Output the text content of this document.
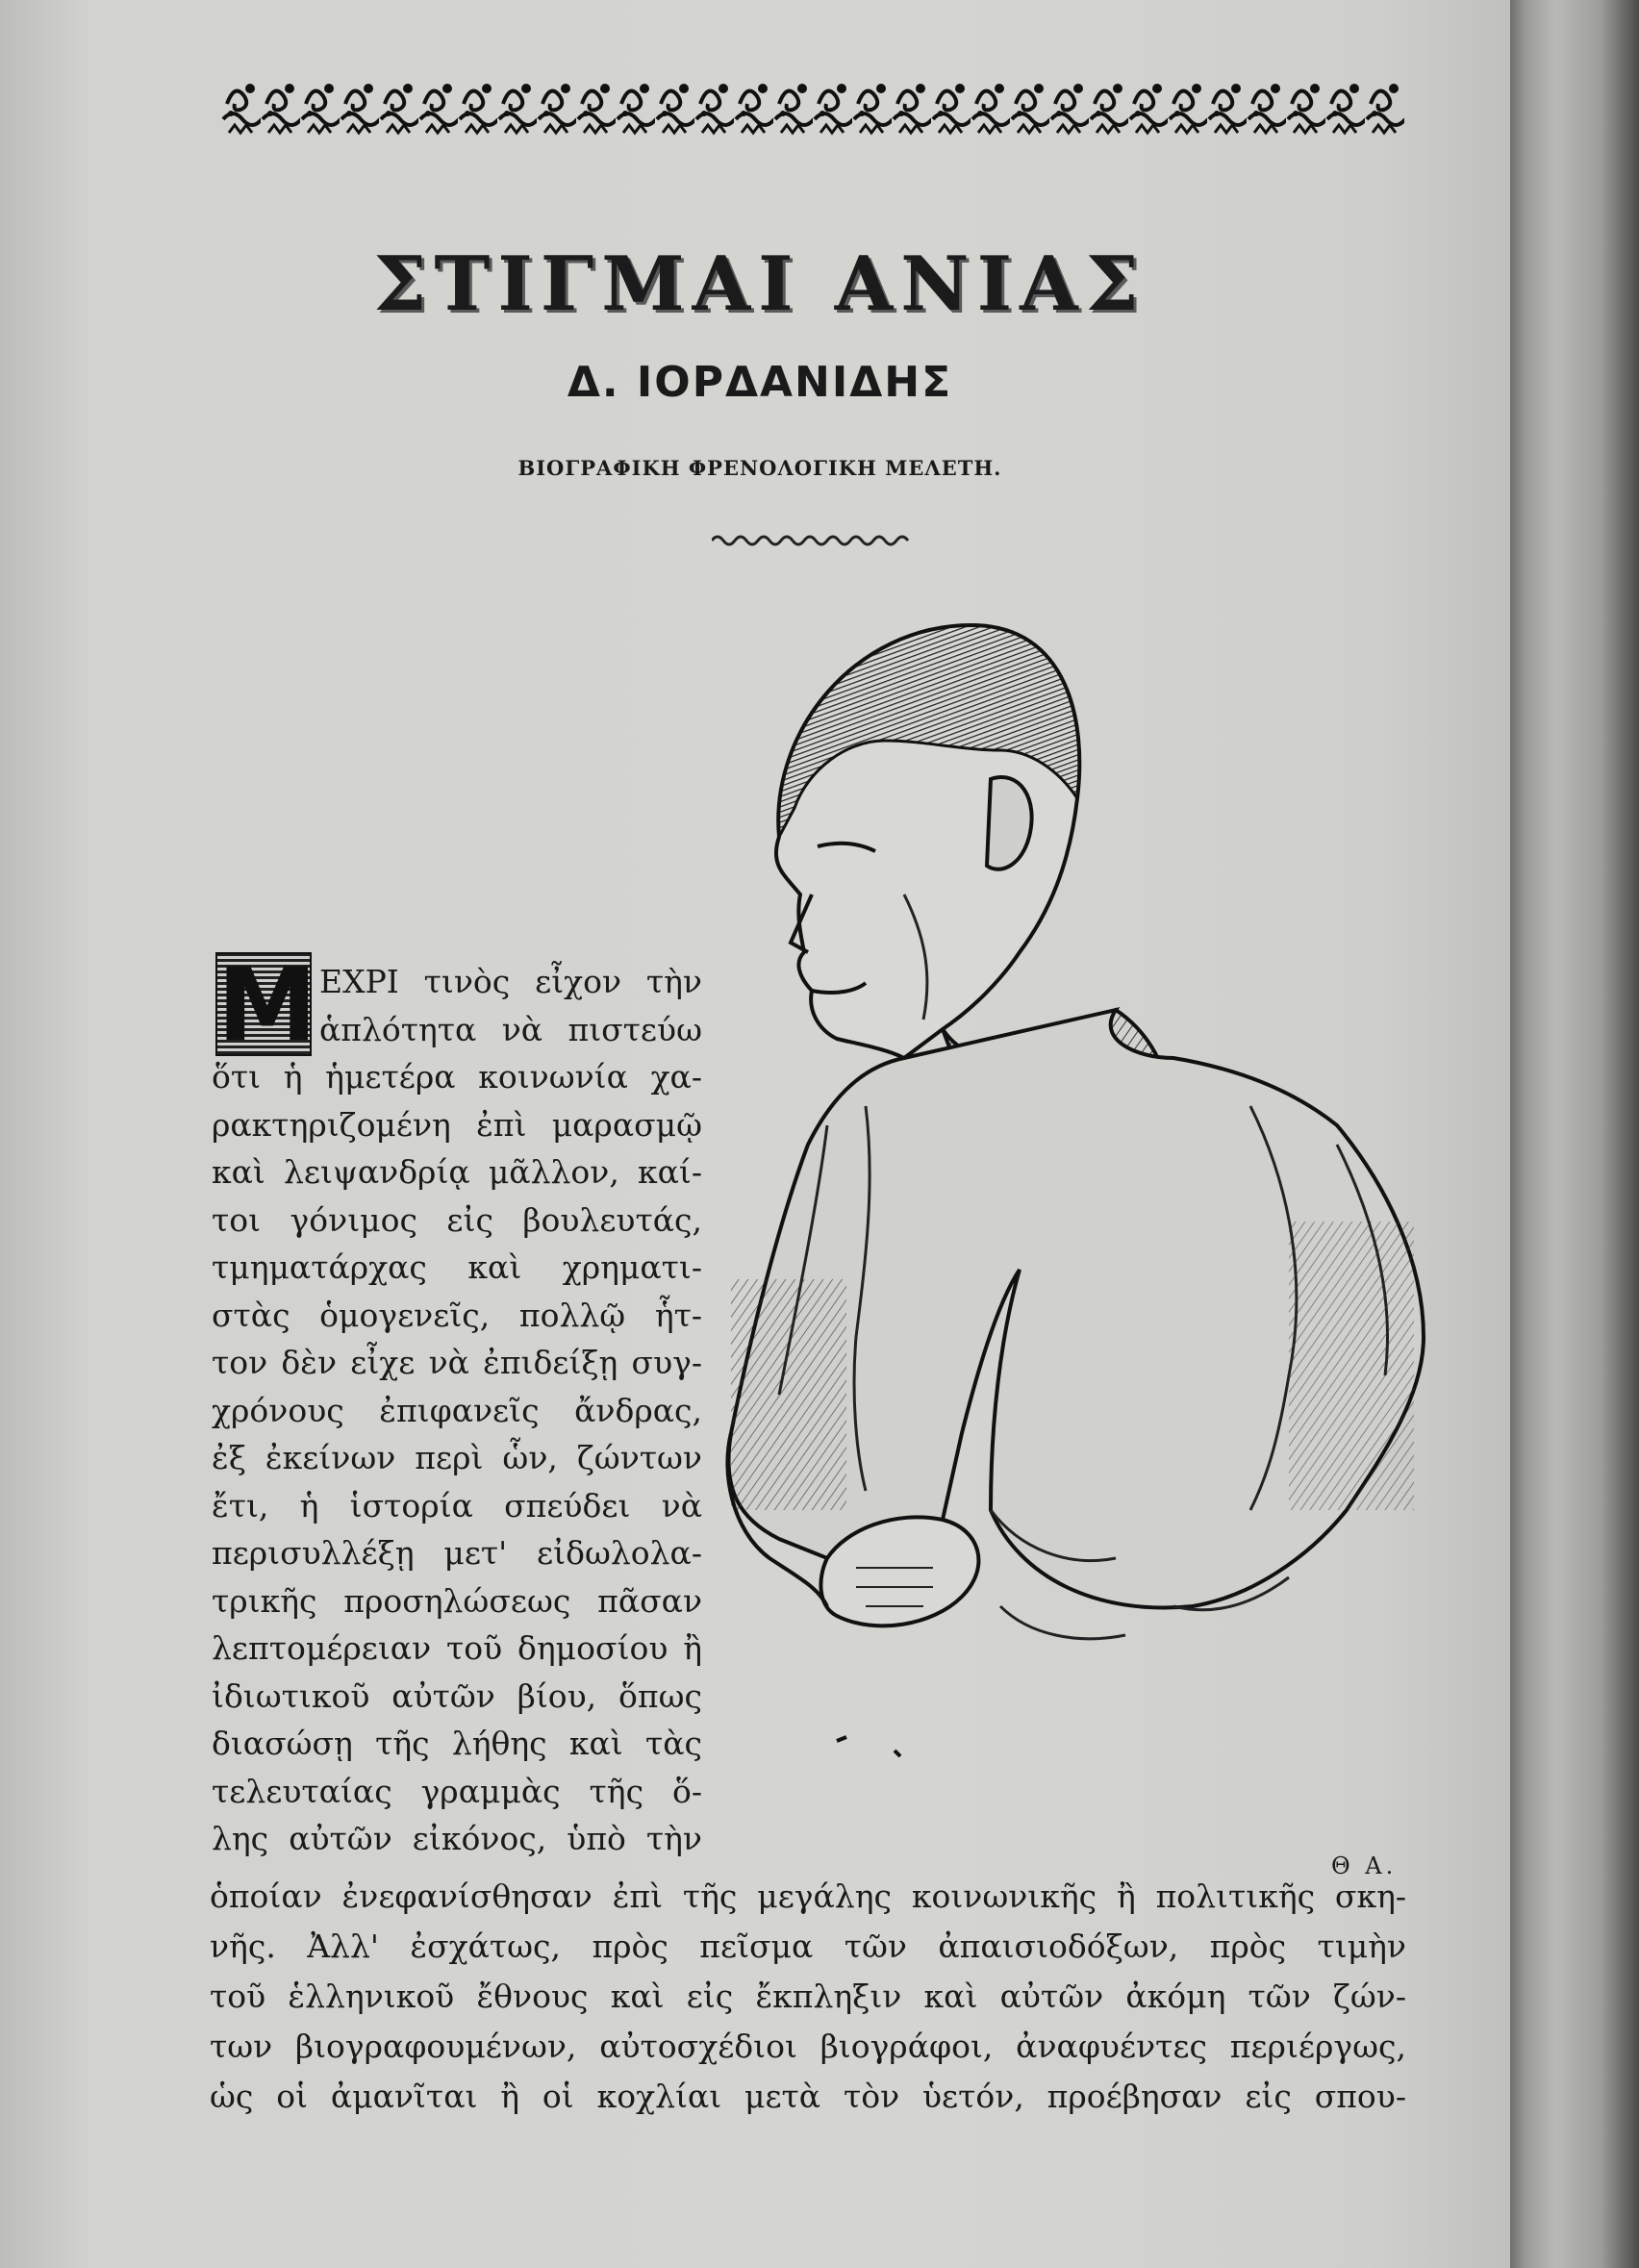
ΣΤΙΓΜΑΙ ΑΝΙΑΣ
Δ. ΙΟΡΔΑΝΙΔΗΣ
ΒΙΟΓΡΑΦΙΚΗ ΦΡΕΝΟΛΟΓΙΚΗ ΜΕΛΕΤΗ.
Θ Α.
Μ ΕΧΡΙ τινὸς εἶχον τὴν
ἁπλότητα νὰ πιστεύω
ὅτι ἡ ἡμετέρα κοινωνία χα-
ρακτηριζομένη ἐπὶ μαρασμῷ
καὶ λειψανδρίᾳ μᾶλλον, καί-
τοι γόνιμος εἰς βουλευτάς,
τμηματάρχας καὶ χρηματι-
στὰς ὁμογενεῖς, πολλῷ ἧτ-
τον δὲν εἶχε νὰ ἐπιδείξῃ συγ-
χρόνους ἐπιφανεῖς ἄνδρας,
ἐξ ἐκείνων περὶ ὧν, ζώντων
ἔτι, ἡ ἱστορία σπεύδει νὰ
περισυλλέξῃ μετ' εἰδωλολα-
τρικῆς προσηλώσεως πᾶσαν
λεπτομέρειαν τοῦ δημοσίου ἢ
ἰδιωτικοῦ αὐτῶν βίου, ὅπως
διασώσῃ τῆς λήθης καὶ τὰς
τελευταίας γραμμὰς τῆς ὅ-
λης αὐτῶν εἰκόνος, ὑπὸ τὴν
ὁποίαν ἐνεφανίσθησαν ἐπὶ τῆς μεγάλης κοινωνικῆς ἢ πολιτικῆς σκη-
νῆς. Ἀλλ' ἐσχάτως, πρὸς πεῖσμα τῶν ἀπαισιοδόξων, πρὸς τιμὴν
τοῦ ἑλληνικοῦ ἔθνους καὶ εἰς ἔκπληξιν καὶ αὐτῶν ἀκόμη τῶν ζών-
των βιογραφουμένων, αὐτοσχέδιοι βιογράφοι, ἀναφυέντες περιέργως,
ὡς οἱ ἀμανῖται ἢ οἱ κοχλίαι μετὰ τὸν ὑετόν, προέβησαν εἰς σπου-
